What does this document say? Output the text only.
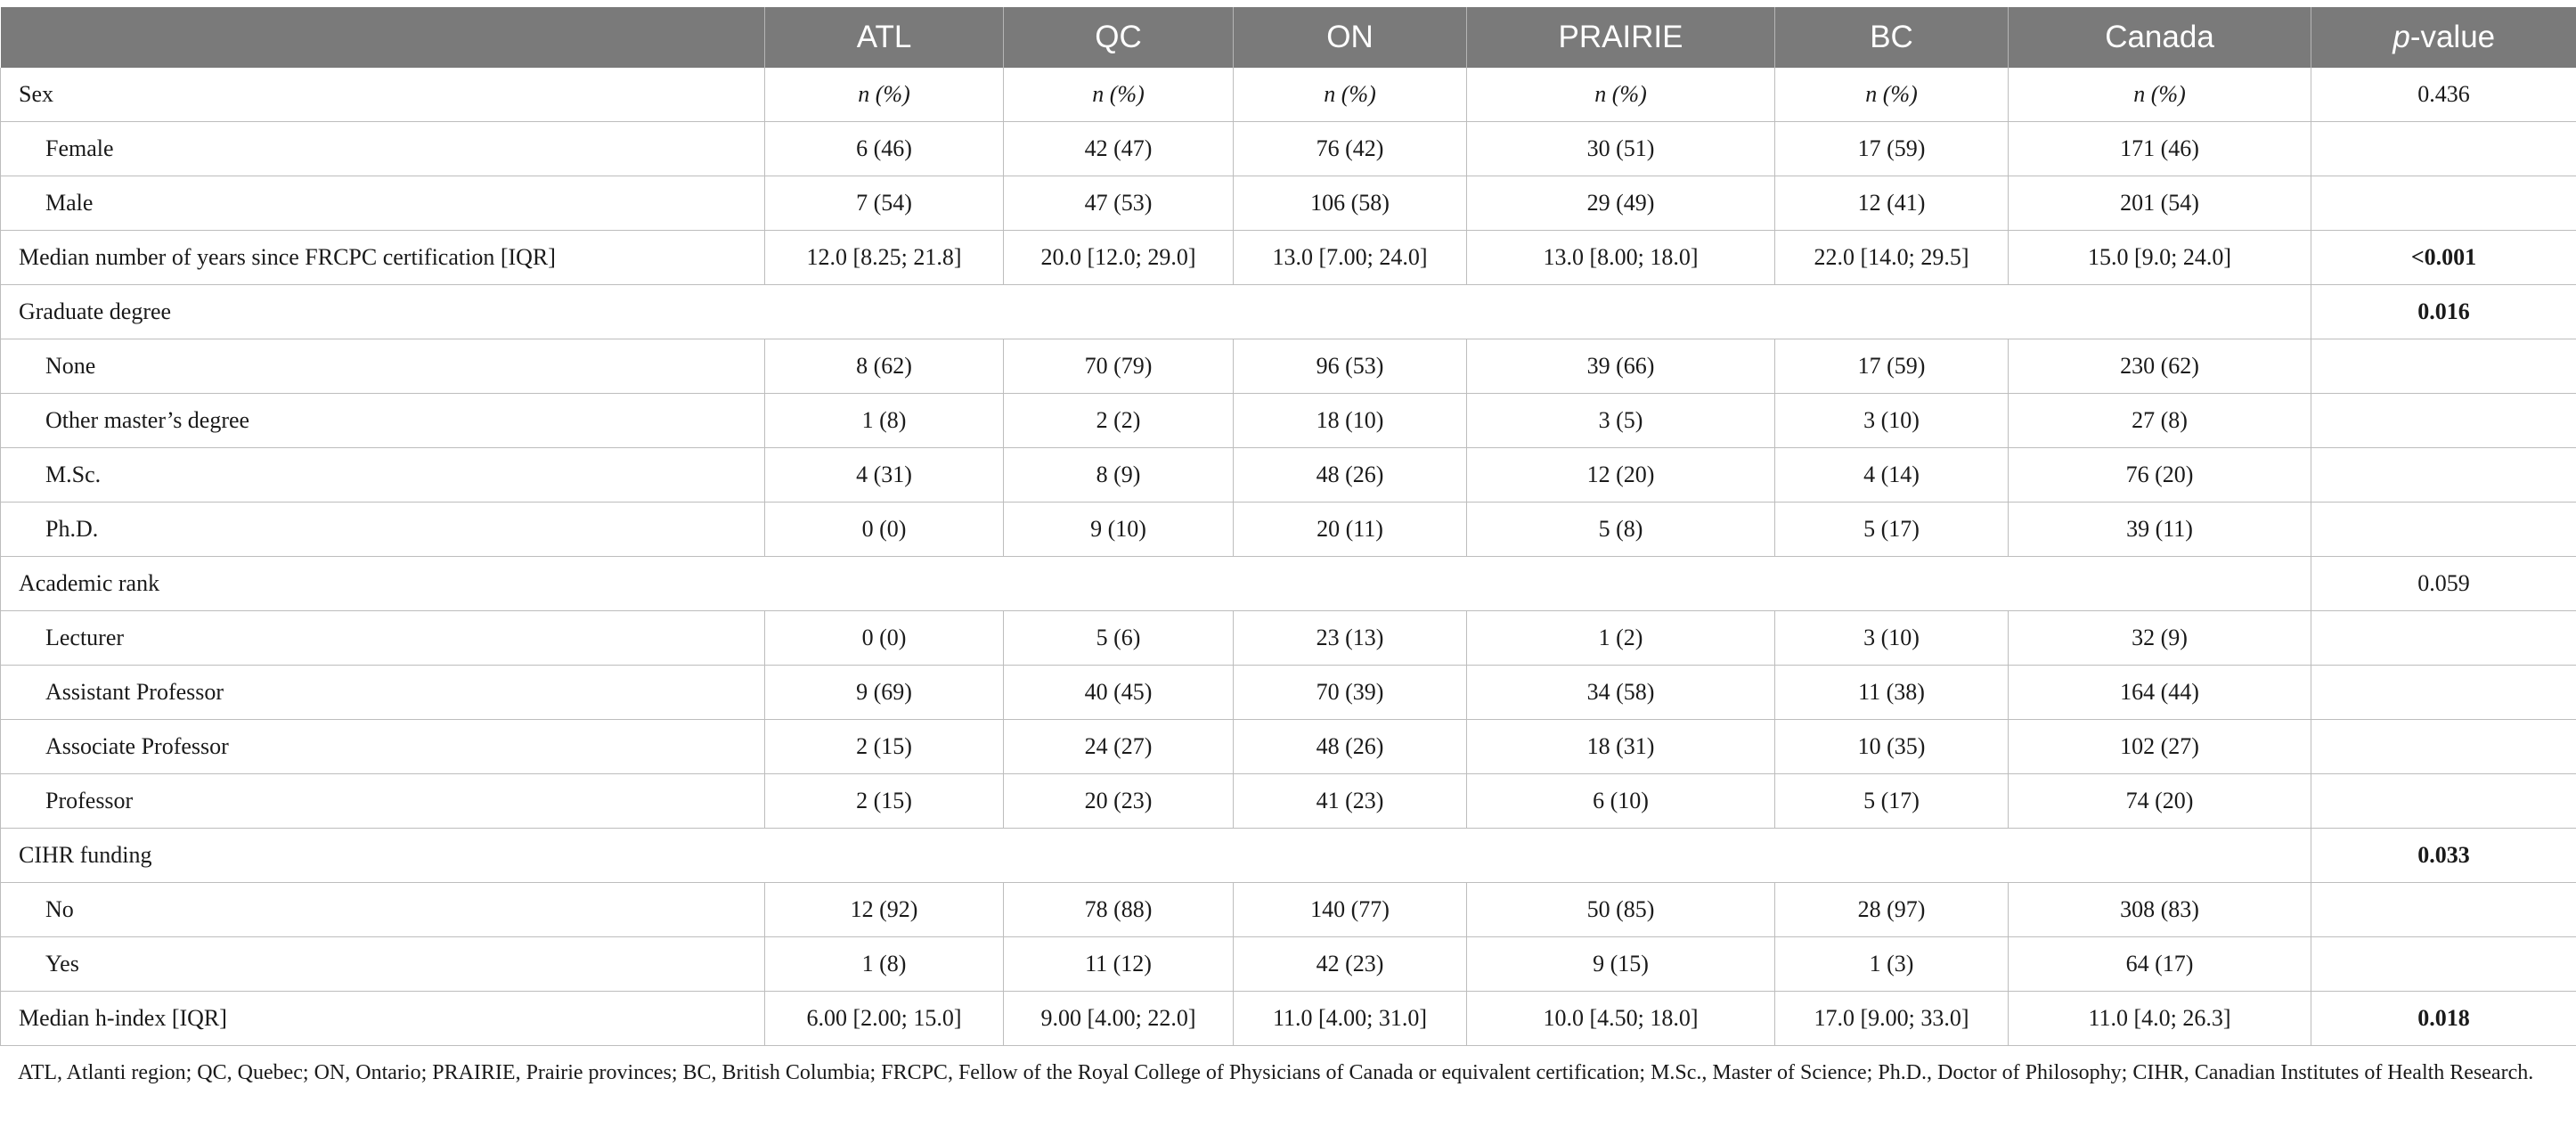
	ATL	QC	ON	PRAIRIE	BC	Canada	p-value
Sex	n (%)	n (%)	n (%)	n (%)	n (%)	n (%)	0.436
Female	6 (46)	42 (47)	76 (42)	30 (51)	17 (59)	171 (46)	
Male	7 (54)	47 (53)	106 (58)	29 (49)	12 (41)	201 (54)	
Median number of years since FRCPC certification [IQR]	12.0 [8.25; 21.8]	20.0 [12.0; 29.0]	13.0 [7.00; 24.0]	13.0 [8.00; 18.0]	22.0 [14.0; 29.5]	15.0 [9.0; 24.0]	<0.001
Graduate degree							0.016
None	8 (62)	70 (79)	96 (53)	39 (66)	17 (59)	230 (62)	
Other master’s degree	1 (8)	2 (2)	18 (10)	3 (5)	3 (10)	27 (8)	
M.Sc.	4 (31)	8 (9)	48 (26)	12 (20)	4 (14)	76 (20)	
Ph.D.	0 (0)	9 (10)	20 (11)	5 (8)	5 (17)	39 (11)	
Academic rank							0.059
Lecturer	0 (0)	5 (6)	23 (13)	1 (2)	3 (10)	32 (9)	
Assistant Professor	9 (69)	40 (45)	70 (39)	34 (58)	11 (38)	164 (44)	
Associate Professor	2 (15)	24 (27)	48 (26)	18 (31)	10 (35)	102 (27)	
Professor	2 (15)	20 (23)	41 (23)	6 (10)	5 (17)	74 (20)	
CIHR funding							0.033
No	12 (92)	78 (88)	140 (77)	50 (85)	28 (97)	308 (83)	
Yes	1 (8)	11 (12)	42 (23)	9 (15)	1 (3)	64 (17)	
Median h-index [IQR]	6.00 [2.00; 15.0]	9.00 [4.00; 22.0]	11.0 [4.00; 31.0]	10.0 [4.50; 18.0]	17.0 [9.00; 33.0]	11.0 [4.0; 26.3]	0.018
ATL, Atlanti region; QC, Quebec; ON, Ontario; PRAIRIE, Prairie provinces; BC, British Columbia; FRCPC, Fellow of the Royal College of Physicians of Canada or equivalent certification; M.Sc., Master of Science; Ph.D., Doctor of Philosophy; CIHR, Canadian Institutes of Health Research.
